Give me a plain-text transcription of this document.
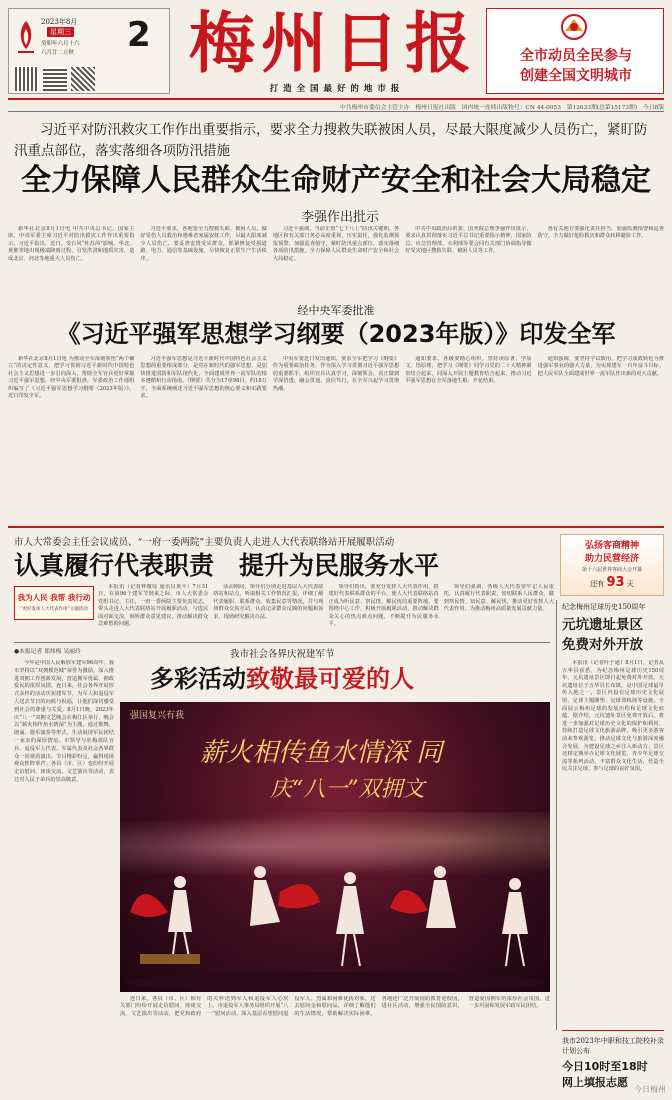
2023年8月
星期三
癸卯年六月十六
六月廿二立秋 2 梅州日报
打 造 全 国 最 好 的 地 市 报
全市动员全民参与
创建全国文明城市
中共梅州市委员会主管主办　梅州日报社出版　国内统一连续出版物号：CN 44-0053　第12633期(总第15173期)　今日8版
习近平对防汛救灾工作作出重要指示，要求全力搜救失联被困人员，尽最大限度减少人员伤亡，紧盯防汛重点部位，落实落细各项防汛措施
全力保障人民群众生命财产安全和社会大局稳定
李强作出批示
新华社北京8月1日电 中共中央总书记、国家主席、中央军委主席习近平对防汛救灾工作作出重要指示。习近平指出，近日，受台风“杜苏芮”影响，华北、黄淮等地出现极端降雨过程，引发洪涝和地质灾害，造成北京、河北等地重大人员伤亡。
习近平要求，各地要全力搜救失联、被困人员，做好受伤人员救治和遇难者家属安抚工作，尽最大限度减少人员伤亡。要妥善安置受灾群众，抓紧修复受损道路、电力、通信等基础设施，尽快恢复正常生产生活秩序。
习近平强调，当前正值“七下八上”防汛关键期，各地区和有关部门务必高度重视，压实责任，强化监测预报预警，加强巡查值守，紧盯防汛重点部位，落实落细各项防汛措施，全力保障人民群众生命财产安全和社会大局稳定。
中共中央政治局常委、国务院总理李强作出批示，要求认真贯彻落实习近平总书记重要指示精神，国家防总、应急管理部、水利部等要会同有关部门协调指导做好受灾地区搜救失联、被困人员等工作。
各有关地方要强化责任担当，加强监测预警和巡查防守，全力做好抢险救灾和群众转移避险工作。
经中央军委批准
《习近平强军思想学习纲要（2023年版）》印发全军
新华社北京8月1日电 为推动全军深刻领悟“两个确立”的决定性意义，把学习贯彻习近平新时代中国特色社会主义思想进一步引向深入，帮助全军官兵更好掌握习近平强军思想，经中央军委批准，军委政治工作部组织编写了《习近平强军思想学习纲要（2023年版）》，近日印发全军。
习近平强军思想是习近平新时代中国特色社会主义思想的重要组成部分，是党在新时代的强军思想，是加快推进国防和军队现代化、全面建成世界一流军队的根本遵循和行动指南。《纲要》共分为17章98目，约18万字，全面系统阐述习近平强军思想的核心要义和实践要求。
中央军委近日发出通知，要求全军把学习《纲要》作为重要政治任务，作为深入学习贯彻习近平强军思想的重要抓手，组织官兵认真学习，深刻领会，真正做到学深悟透、融会贯通、真信笃行，在全军兴起学习贯彻热潮。
通知要求，各级要精心组织，坚持读原著、学原文、悟原理，把学习《纲要》同学习党的二十大精神紧密结合起来，同深入开展主题教育结合起来，推动习近平强军思想在全军落地生根、开花结果。
通知强调，要坚持学以致用，把学习成效转化为推进强军事业的强大力量，为实现建军一百年奋斗目标、把人民军队全面建成世界一流军队作出新的更大贡献。
市人大常委会主任会议成员、“一府一委两院”主要负责人走进人大代表联络站开展履职活动
认真履行代表职责　提升为民服务水平
我为人民 我帮 我行动
“更好发挥人大代表作用”主题活动
本报讯（记者钟微瑶 通讯员黄平）7月31日，在第96个建军节到来之际，市人大常委会党组书记、主任，一府一委两院主要负责同志，带头走进人大代表联络站开展履职活动，与选民面对面交流，倾听群众意见建议，推动解决群众急难愁盼问题。
活动期间，领导们分别走进基层人大代表联络站和站点，听取相关工作情况汇报，详细了解代表履职、联系群众、收集民意等情况，并与现场群众交流互动，认真记录群众反映的问题和诉求，现场研究解决办法。
领导们指出，要充分发挥人大代表作用，搭建好代表联系群众的平台，使人大代表联络站真正成为听民意、察民情、解民忧的重要阵地。要围绕中心工作，积极开展履职活动，推动解决群众关心的热点难点问题，不断提升为民服务水平。
领导们强调，各级人大代表要牢记人民重托，认真履行代表职责，密切联系人民群众，做到察民情、知民意、解民忧，推动更好发挥人大代表作用，为推动梅州高质量发展贡献力量。
弘扬客商精神
助力民营经济
第十六届世界客商大会开幕
还有 93 天
纪念梅州足球历史150周年
元坑遗址景区
免费对外开放
本报讯（记者叶子通）8月1日，记者从五华县获悉，为纪念梅州足球历史150周年，元坑遗址景区即日起免费对外开放。元坑遗址位于五华县长布镇，是中国足球最早传入地之一，景区内设有足球历史文化展馆、足球主题雕塑、足球训练场等设施，全面展示梅州足球的发展历程和足球文化底蕴。据介绍，元坑遗址景区免费开放后，将进一步加强对足球历史文化的保护和利用，持续打造足球文化旅游品牌，吸引更多游客前来参观游览，推动足球文化与旅游深度融合发展，为建设足球之乡注入新动力。景区还将定期举办足球文化展览、青少年足球交流等系列活动，丰富群众文化生活，营造全民关注足球、参与足球的良好氛围。
我市2023年中职和技工院校补录计划公布
今日10时至18时
网上填报志愿
●本报记者 郑炜梅 吴丽玲	我市社会各界庆祝建军节
多彩活动致敬最可爱的人
今年是中国人民解放军建军96周年。我市坚持以“双拥模范城”荣誉为激励，深入推进双拥工作创新发展，营造拥军优属、拥政爱民的浓厚氛围。连日来，社会各界开展形式多样的活动庆祝建军节，为军人和退役军人送去节日的问候与祝福，让他们深切感受到社会的尊重与关爱。8月1日晚，2023年庆“八一”双拥文艺晚会在梅江区举行，晚会以“薪火相传鱼水情深”为主题，通过歌舞、朗诵、器乐演奏等形式，生动展现军民团结一家亲的深厚情谊。市领导与驻梅部队官兵、退役军人代表、军属代表及社会各界群众一同观看演出。节目精彩纷呈，赢得现场观众阵阵掌声。各县（市、区）也纷纷开展走访慰问、座谈交流、文艺演出等活动，表达对人民子弟兵的崇高敬意。
强国复兴有我
薪火相传鱼水情深 同
庆“八一”双拥文
连日来，各县（市、区）和有关部门纷纷开展走访慰问、座谈交流、文艺演出等活动，把党和政府的关怀送到军人和退役军人心坎上。市退役军人事务局组织开展“八一”慰问活动，深入基层看望慰问退役军人、烈属和困难优抚对象，送去慰问金和慰问品，详细了解他们的生活情况，帮助解决实际困难。各地还广泛开展国防教育进校园、进社区活动，增强全民国防意识，营造爱国拥军的浓厚社会氛围，进一步巩固和发展军政军民团结。
今日梅州
